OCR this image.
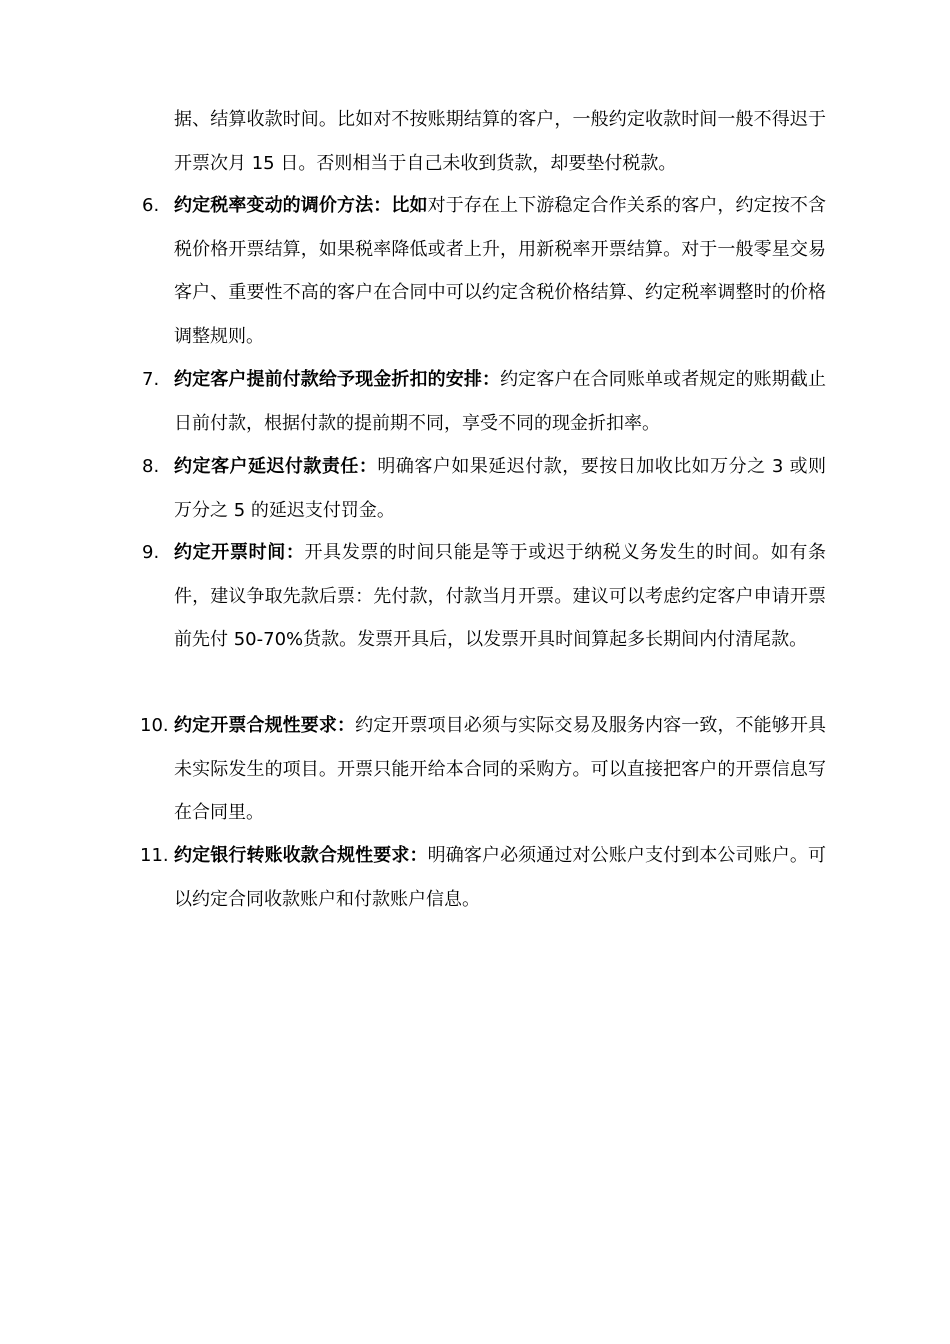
据、结算收款时间。比如对不按账期结算的客户，一般约定收款时间一般不得迟于开票次月 15 日。否则相当于自己未收到货款，却要垫付税款。
6. 约定税率变动的调价方法：比如对于存在上下游稳定合作关系的客户，约定按不含税价格开票结算，如果税率降低或者上升，用新税率开票结算。对于一般零星交易客户、重要性不高的客户在合同中可以约定含税价格结算、约定税率调整时的价格调整规则。
7. 约定客户提前付款给予现金折扣的安排：约定客户在合同账单或者规定的账期截止日前付款，根据付款的提前期不同，享受不同的现金折扣率。
8. 约定客户延迟付款责任：明确客户如果延迟付款，要按日加收比如万分之 3 或则万分之 5 的延迟支付罚金。
9. 约定开票时间：开具发票的时间只能是等于或迟于纳税义务发生的时间。如有条件，建议争取先款后票：先付款，付款当月开票。建议可以考虑约定客户申请开票前先付 50-70%货款。发票开具后，以发票开具时间算起多长期间内付清尾款。
10. 约定开票合规性要求：约定开票项目必须与实际交易及服务内容一致，不能够开具未实际发生的项目。开票只能开给本合同的采购方。可以直接把客户的开票信息写在合同里。
11. 约定银行转账收款合规性要求：明确客户必须通过对公账户支付到本公司账户。可以约定合同收款账户和付款账户信息。
